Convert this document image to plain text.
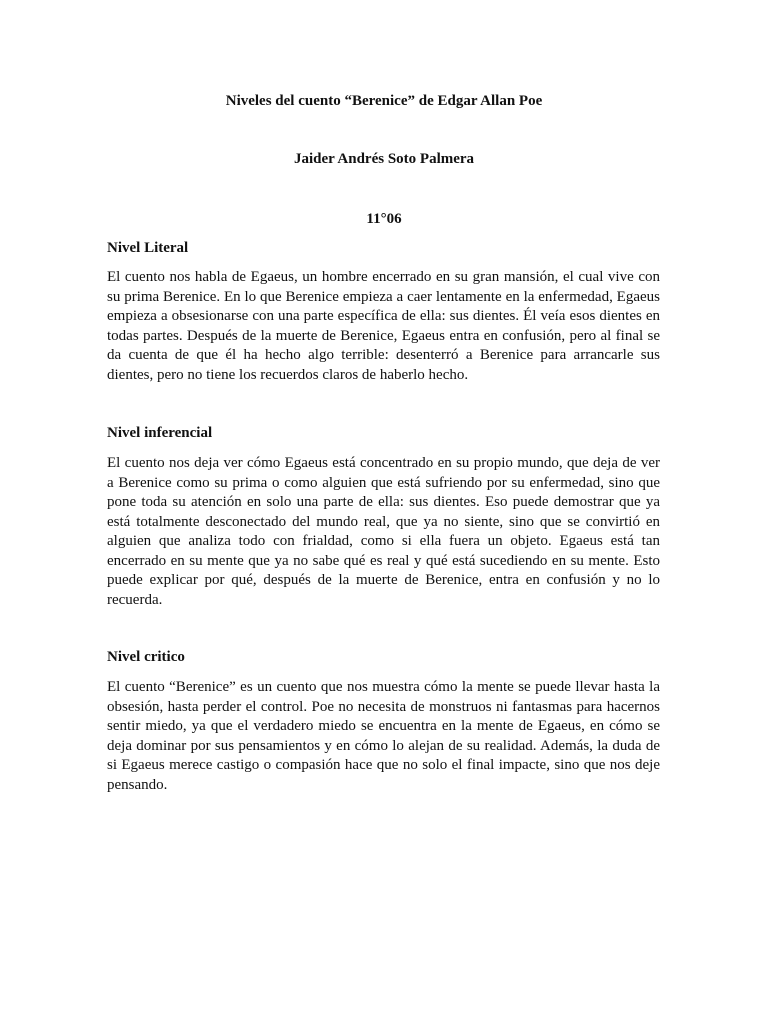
Niveles del cuento “Berenice” de Edgar Allan Poe

Jaider Andrés Soto Palmera

11°06

Nivel Literal

El cuento nos habla de Egaeus, un hombre encerrado en su gran mansión, el cual vive con su prima Berenice. En lo que Berenice empieza a caer lentamente en la enfermedad, Egaeus empieza a obsesionarse con una parte específica de ella: sus dientes. Él veía esos dientes en todas partes. Después de la muerte de Berenice, Egaeus entra en confusión, pero al final se da cuenta de que él ha hecho algo terrible: desenterró a Berenice para arrancarle sus dientes, pero no tiene los recuerdos claros de haberlo hecho.

Nivel inferencial

El cuento nos deja ver cómo Egaeus está concentrado en su propio mundo, que deja de ver a Berenice como su prima o como alguien que está sufriendo por su enfermedad, sino que pone toda su atención en solo una parte de ella: sus dientes. Eso puede demostrar que ya está totalmente desconectado del mundo real, que ya no siente, sino que se convirtió en alguien que analiza todo con frialdad, como si ella fuera un objeto. Egaeus está tan encerrado en su mente que ya no sabe qué es real y qué está sucediendo en su mente. Esto puede explicar por qué, después de la muerte de Berenice, entra en confusión y no lo recuerda.

Nivel critico

El cuento “Berenice” es un cuento que nos muestra cómo la mente se puede llevar hasta la obsesión, hasta perder el control. Poe no necesita de monstruos ni fantasmas para hacernos sentir miedo, ya que el verdadero miedo se encuentra en la mente de Egaeus, en cómo se deja dominar por sus pensamientos y en cómo lo alejan de su realidad. Además, la duda de si Egaeus merece castigo o compasión hace que no solo el final impacte, sino que nos deje pensando.
